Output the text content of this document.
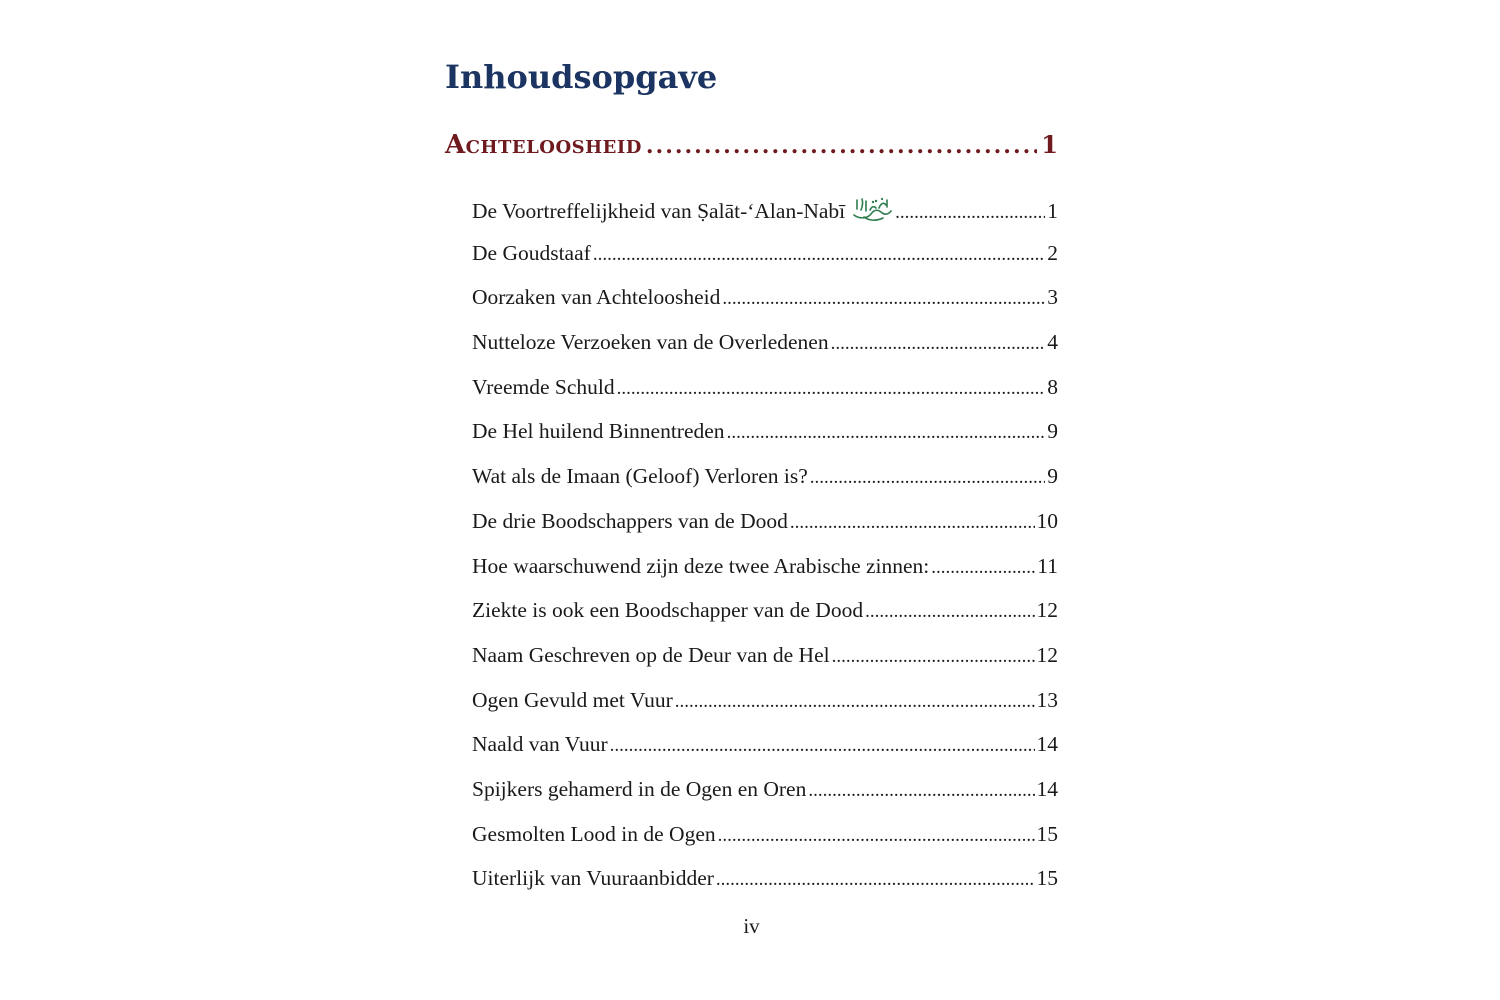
Inhoudsopgave
Achteloosheid .....	1
De Voortreffelijkheid van Ṣalāt-‘Alan-Nabī .....	1
De Goudstaaf .....	2
Oorzaken van Achteloosheid .....	3
Nutteloze Verzoeken van de Overledenen .....	4
Vreemde Schuld .....	8
De Hel huilend Binnentreden .....	9
Wat als de Imaan (Geloof) Verloren is? .....	9
De drie Boodschappers van de Dood .....	10
Hoe waarschuwend zijn deze twee Arabische zinnen: .....	11
Ziekte is ook een Boodschapper van de Dood .....	12
Naam Geschreven op de Deur van de Hel .....	12
Ogen Gevuld met Vuur .....	13
Naald van Vuur .....	14
Spijkers gehamerd in de Ogen en Oren .....	14
Gesmolten Lood in de Ogen .....	15
Uiterlijk van Vuuraanbidder .....	15
iv
